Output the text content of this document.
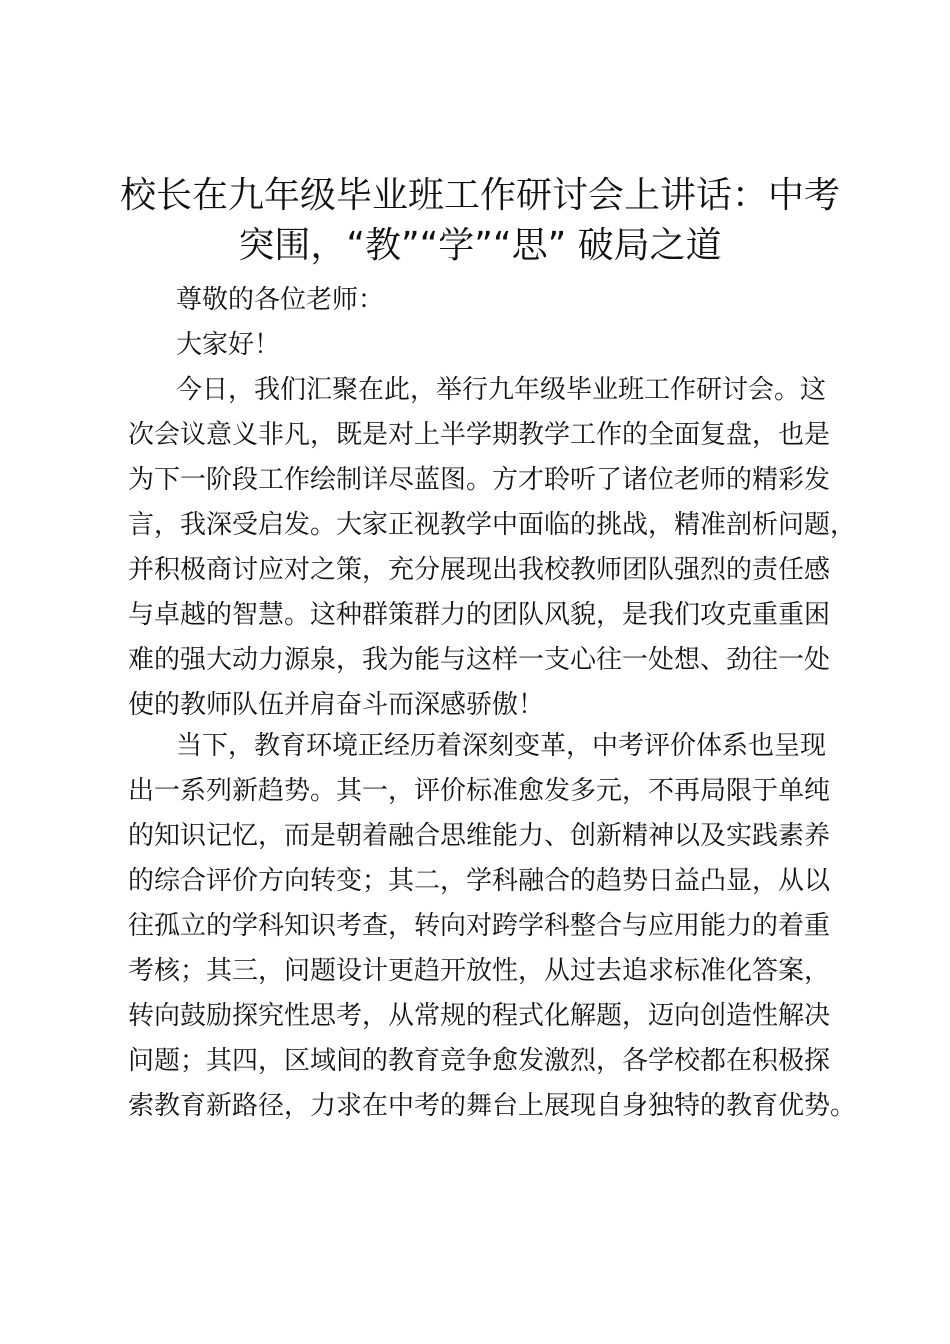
校长在九年级毕业班工作研讨会上讲话：中考
突围，“教”“学”“思” 破局之道

尊敬的各位老师：

大家好！

今日，我们汇聚在此，举行九年级毕业班工作研讨会。这

次会议意义非凡，既是对上半学期教学工作的全面复盘，也是

为下一阶段工作绘制详尽蓝图。方才聆听了诸位老师的精彩发

言，我深受启发。大家正视教学中面临的挑战，精准剖析问题，

并积极商讨应对之策，充分展现出我校教师团队强烈的责任感

与卓越的智慧。这种群策群力的团队风貌，是我们攻克重重困

难的强大动力源泉，我为能与这样一支心往一处想、劲往一处

使的教师队伍并肩奋斗而深感骄傲！

当下，教育环境正经历着深刻变革，中考评价体系也呈现

出一系列新趋势。其一，评价标准愈发多元，不再局限于单纯

的知识记忆，而是朝着融合思维能力、创新精神以及实践素养

的综合评价方向转变；其二，学科融合的趋势日益凸显，从以

往孤立的学科知识考查，转向对跨学科整合与应用能力的着重

考核；其三，问题设计更趋开放性，从过去追求标准化答案，

转向鼓励探究性思考，从常规的程式化解题，迈向创造性解决

问题；其四，区域间的教育竞争愈发激烈，各学校都在积极探

索教育新路径，力求在中考的舞台上展现自身独特的教育优势。
